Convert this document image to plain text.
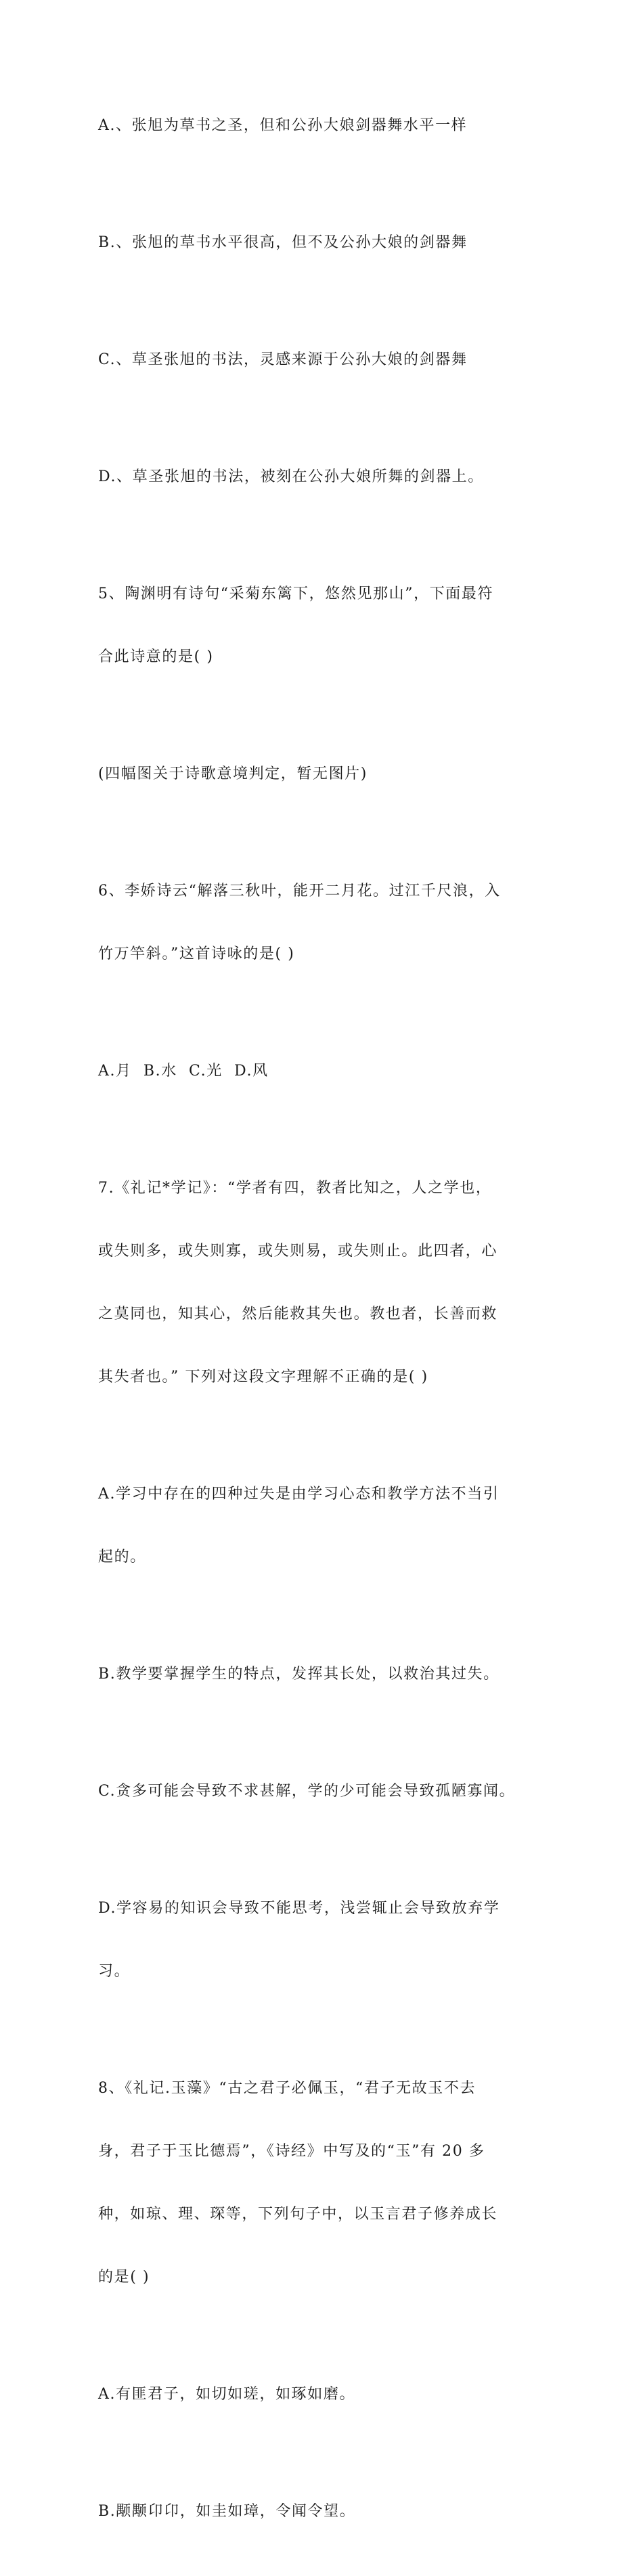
A.、张旭为草书之圣，但和公孙大娘剑器舞水平一样

B.、张旭的草书水平很高，但不及公孙大娘的剑器舞

C.、草圣张旭的书法，灵感来源于公孙大娘的剑器舞

D.、草圣张旭的书法，被刻在公孙大娘所舞的剑器上。

5、陶渊明有诗句“采菊东篱下，悠然见那山”，下面最符

合此诗意的是( )

(四幅图关于诗歌意境判定，暂无图片)

6、李娇诗云“解落三秋叶，能开二月花。过江千尺浪，入

竹万竿斜。”这首诗咏的是( )

A.月  B.水  C.光  D.风

7.《礼记*学记》：“学者有四，教者比知之，人之学也，

或失则多，或失则寡，或失则易，或失则止。此四者，心

之莫同也，知其心，然后能救其失也。教也者，长善而救

其失者也。” 下列对这段文字理解不正确的是( )

A.学习中存在的四种过失是由学习心态和教学方法不当引

起的。

B.教学要掌握学生的特点，发挥其长处，以救治其过失。

C.贪多可能会导致不求甚解，学的少可能会导致孤陋寡闻。

D.学容易的知识会导致不能思考，浅尝辄止会导致放弃学

习。

8、《礼记.玉藻》“古之君子必佩玉，“君子无故玉不去

身，君子于玉比德焉”，《诗经》中写及的“玉”有 20 多

种，如琼、理、琛等，下列句子中，以玉言君子修养成长

的是( )

A.有匪君子，如切如瑳，如琢如磨。

B.颙颙卬卬，如圭如璋，令闻令望。
